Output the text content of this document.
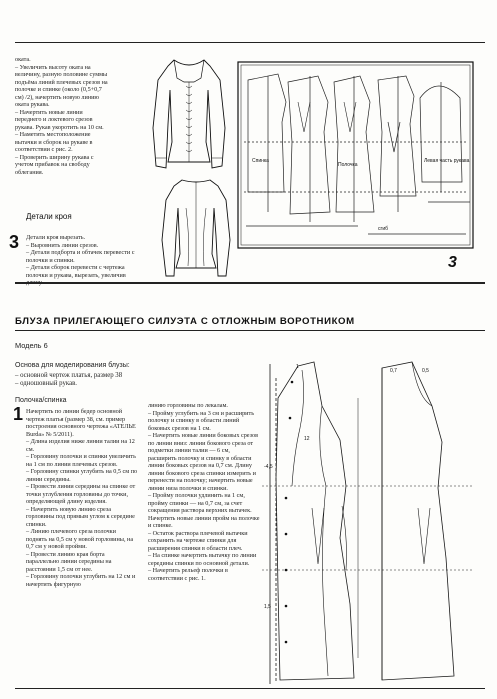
оката.
– Увеличить высоту оката на величину, разную половине суммы подъёма линий плечевых срезов на полочке и спинке (около (0,5+0,7 см) /2), начертить новую линию оката рукава.
– Начертить новые линии переднего и локтевого срезов рукава. Рукав укоротить на 10 см.
– Наметить местоположение вытачки и сборок на рукаве в соответствии с рис. 2.
– Проверить ширину рукава с учетом прибавок на свободу облегания.
Детали кроя
3 Детали кроя вырезать.
– Выровнить линии срезов.
– Детали подборта и обтачек перевести с полочки и спинки.
– Детали сборок перевести с чертежа полочки и рукава, вырезать, увеличив
Спинка
Полочка
Левая часть рукава
сгиб
3
БЛУЗА ПРИЛЕГАЮЩЕГО СИЛУЭТА С ОТЛОЖНЫМ ВОРОТНИКОМ
Модель 6
Основа для моделирования блузы:
– основной чертеж платья, размер 38
– одношовный рукав.
Полочка/спинка
1 Начертить по линии бедер основной чертеж платья (размер 38, см. пример построения основного чертежа «АТЕЛЬЕ Burda» № 5/2011).
– Длина изделия ниже линии талии на 12 см.
– Горловину полочки и спинки увеличить на 1 см по линии плечевых срезов.
– Горловину спинки углубить на 0,5 см по линии середины.
– Провести линии середины на спинке от точки углубления горловины до точки, определяющей длину изделия.
– Начертить новую линию среза горловины под прямым углом к середине спинки.
– Линию плечевого среза полочки поднять на 0,5 см у новой горловины, на 0,7 см у новой пройми.
– Провести линию края борта параллельно линии середины на расстоянии 1,5 см от нее.
– Горловину полочки углубить на 12 см и начертить фигурную
линию горловины по лекалам.
– Пройму углубить на 3 см и расширить полочку и спинку в области линий боковых срезов на 1 см.
– Начертить новые линии боковых срезов по линии вниз: линии бокового среза от подметки линии талии — 6 см, расширить полочку и спинку в области линии боковых срезов на 0,7 см. Длину линии бокового среза спинки измерить и перенести на полочку; начертить новые линии низа полочки и спинки.
– Пройму полочки удлинить на 1 см, пройму спинки — на 0,7 см, за счет сокращения раствора верхних вытачек. Начертить новые линии пройм на полочке и спинке.
– Остаток раствора плечевой вытачки сохранить на чертеже спинки для расширения спинки в области плеч.
– На спинке начертить вытачку по линии середины спинки по основной детали.
– Начертить рельеф полочки в соответствии с рис. 1.
-4,5
1
1,5
12
0,7	0,5
